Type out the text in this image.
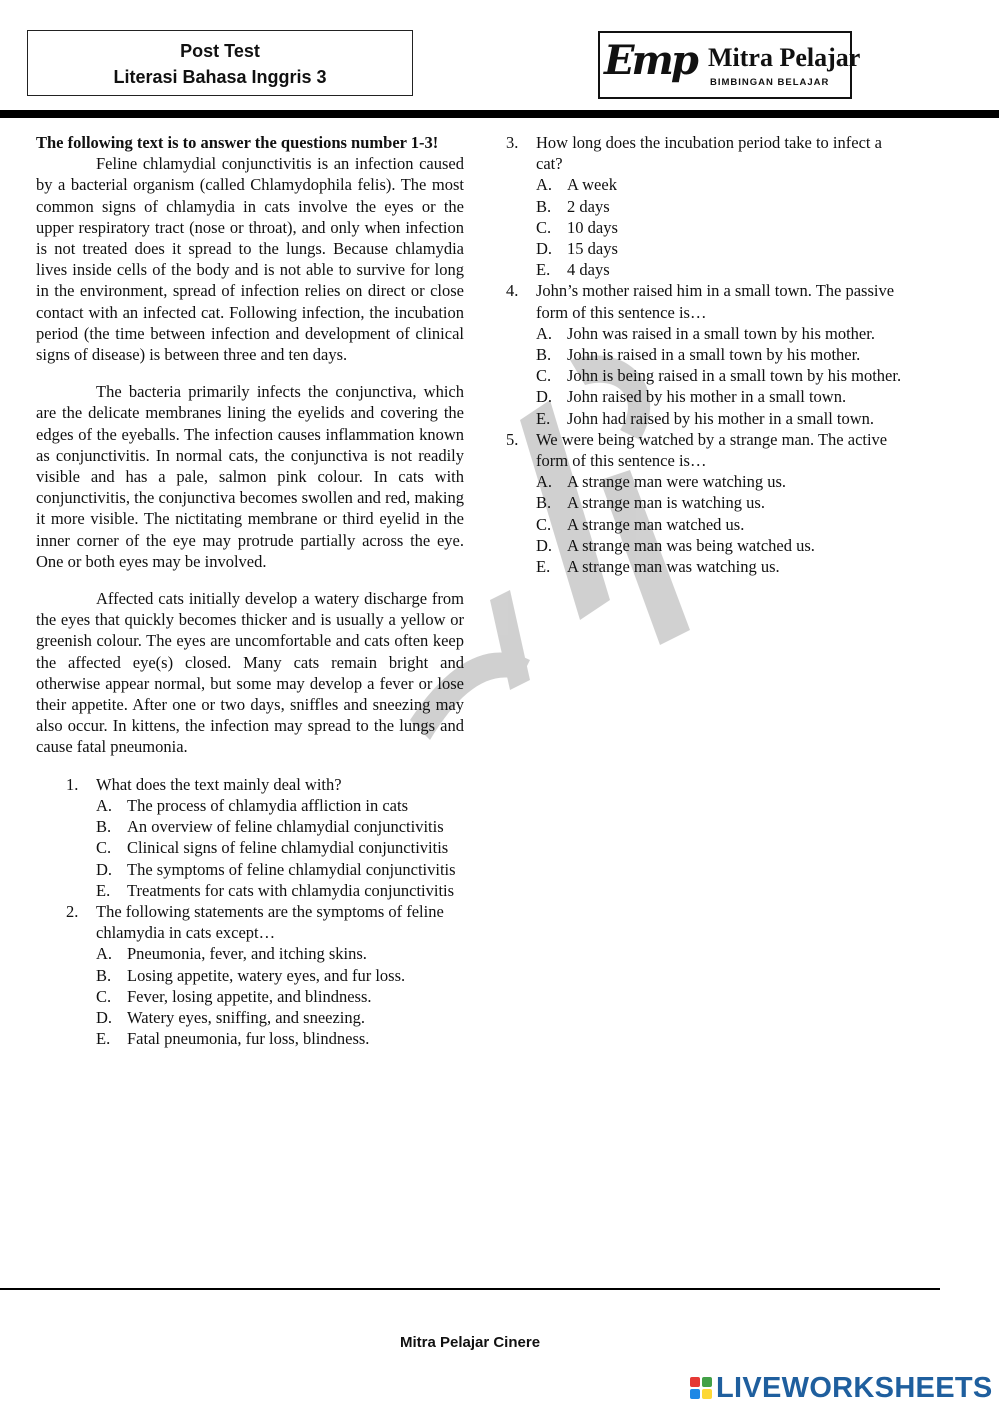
Post Test
Literasi Bahasa Inggris 3	Emp Mitra Pelajar
BIMBINGAN BELAJAR

The following text is to answer the questions number 1-3!

Feline chlamydial conjunctivitis is an infection caused by a bacterial organism (called Chlamydophila felis). The most common signs of chlamydia in cats involve the eyes or the upper respiratory tract (nose or throat), and only when infection is not treated does it spread to the lungs. Because chlamydia lives inside cells of the body and is not able to survive for long in the environment, spread of infection relies on direct or close contact with an infected cat. Following infection, the incubation period (the time between infection and development of clinical signs of disease) is between three and ten days.

The bacteria primarily infects the conjunctiva, which are the delicate membranes lining the eyelids and covering the edges of the eyeballs. The infection causes inflammation known as conjunctivitis. In normal cats, the conjunctiva is not readily visible and has a pale, salmon pink colour. In cats with conjunctivitis, the conjunctiva becomes swollen and red, making it more visible. The nictitating membrane or third eyelid in the inner corner of the eye may protrude partially across the eye. One or both eyes may be involved.

Affected cats initially develop a watery discharge from the eyes that quickly becomes thicker and is usually a yellow or greenish colour. The eyes are uncomfortable and cats often keep the affected eye(s) closed. Many cats remain bright and otherwise appear normal, but some may develop a fever or lose their appetite. After one or two days, sniffles and sneezing may also occur. In kittens, the infection may spread to the lungs and cause fatal pneumonia.

1. What does the text mainly deal with?
A. The process of chlamydia affliction in cats
B. An overview of feline chlamydial conjunctivitis
C. Clinical signs of feline chlamydial conjunctivitis
D. The symptoms of feline chlamydial conjunctivitis
E. Treatments for cats with chlamydia conjunctivitis
2. The following statements are the symptoms of feline chlamydia in cats except…
A. Pneumonia, fever, and itching skins.
B. Losing appetite, watery eyes, and fur loss.
C. Fever, losing appetite, and blindness.
D. Watery eyes, sniffing, and sneezing.
E. Fatal pneumonia, fur loss, blindness.
3. How long does the incubation period take to infect a cat?
A. A week
B. 2 days
C. 10 days
D. 15 days
E. 4 days
4. John’s mother raised him in a small town. The passive form of this sentence is…
A. John was raised in a small town by his mother.
B. John is raised in a small town by his mother.
C. John is being raised in a small town by his mother.
D. John raised by his mother in a small town.
E. John had raised by his mother in a small town.
5. We were being watched by a strange man. The active form of this sentence is…
A. A strange man were watching us.
B. A strange man is watching us.
C. A strange man watched us.
D. A strange man was being watched us.
E. A strange man was watching us.
Mitra Pelajar Cinere
LIVEWORKSHEETS
